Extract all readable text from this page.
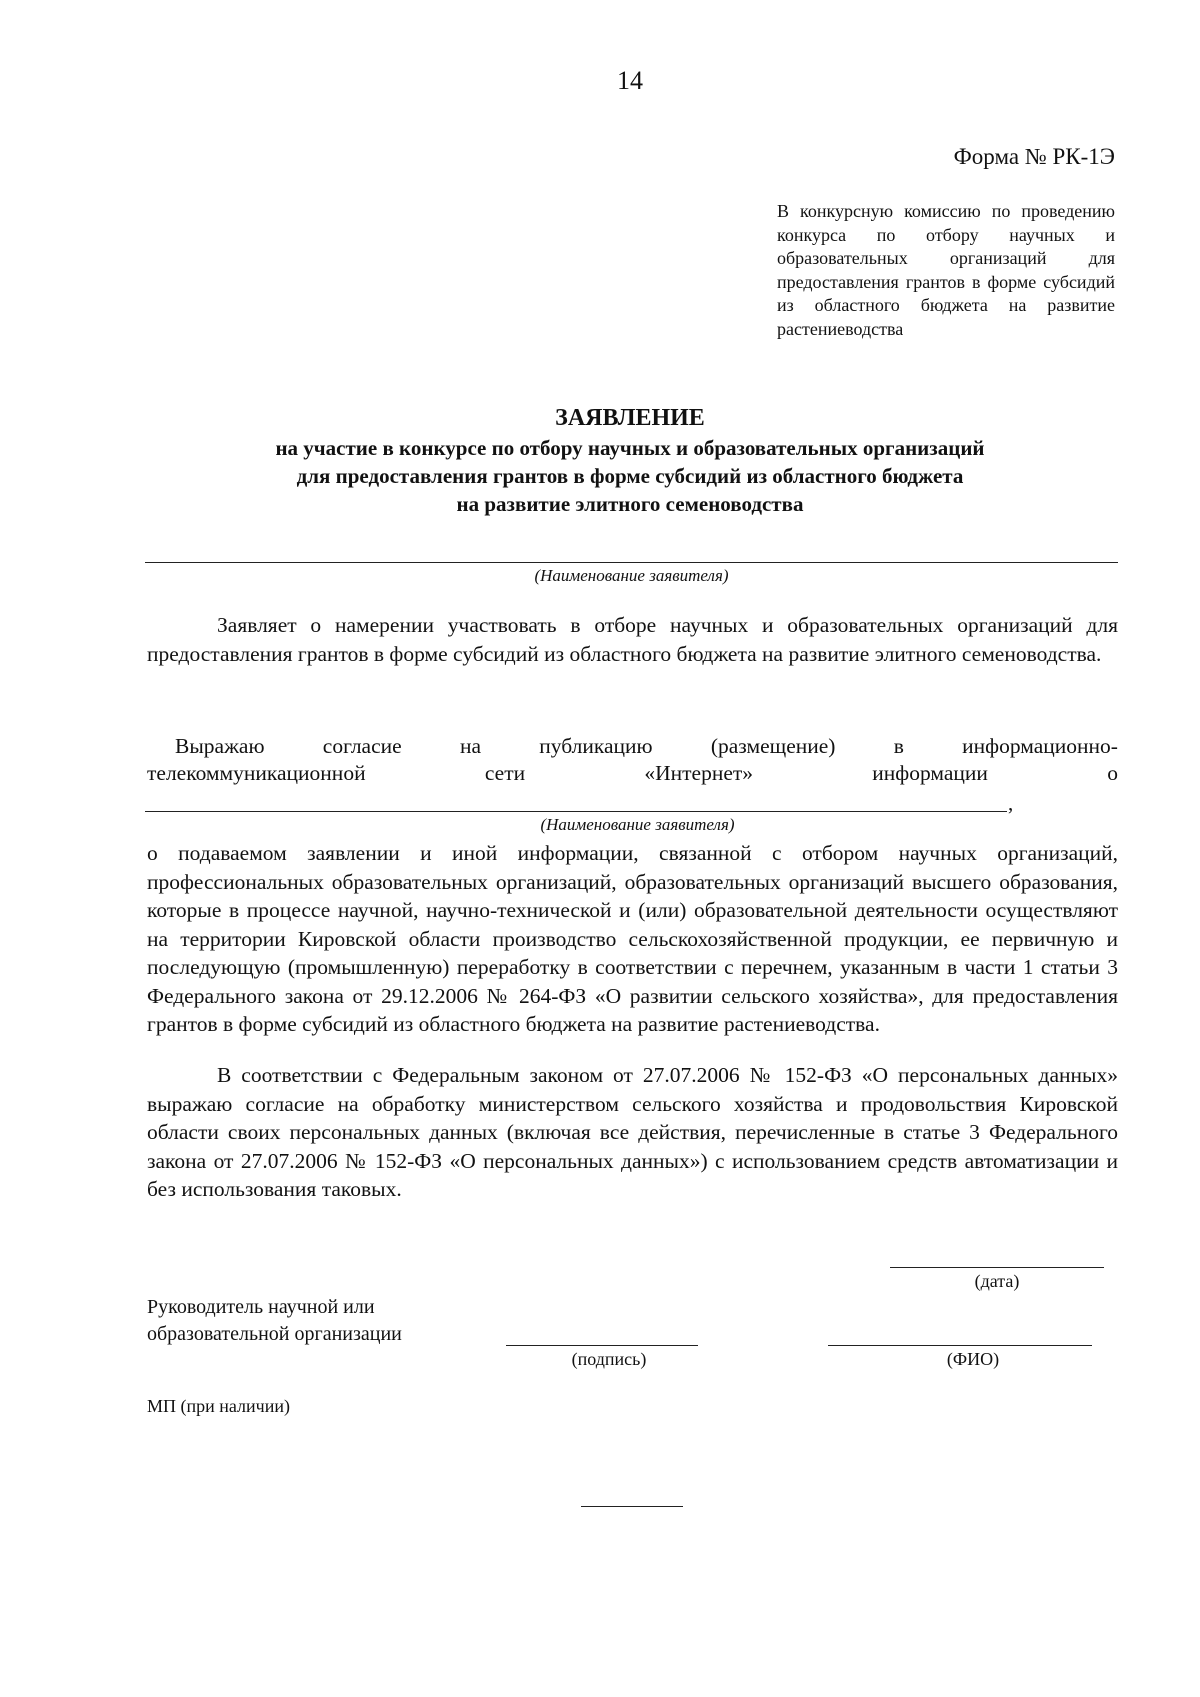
14
Форма № РК-1Э
В конкурсную комиссию по проведению конкурса по отбору научных и образовательных организаций для предоставления грантов в форме субсидий из областного бюджета на развитие растениеводства
ЗАЯВЛЕНИЕ
на участие в конкурсе по отбору научных и образовательных организаций
для предоставления грантов в форме субсидий из областного бюджета
на развитие элитного семеноводства
(Наименование заявителя)
Заявляет о намерении участвовать в отборе научных и образовательных организаций для предоставления грантов в форме субсидий из областного бюджета на развитие элитного семеноводства.
Выражаю	согласие	на	публикацию	(размещение)	в	информационно-
телекоммуникационной	сети	«Интернет»	информации	о
,
(Наименование заявителя)
о подаваемом заявлении и иной информации, связанной с отбором научных организаций, профессиональных образовательных организаций, образовательных организаций высшего образования, которые в процессе научной, научно-технической и (или) образовательной деятельности осуществляют на территории Кировской области производство сельскохозяйственной продукции, ее первичную и последующую (промышленную) переработку в соответствии с перечнем, указанным в части 1 статьи 3 Федерального закона от 29.12.2006 № 264-ФЗ «О развитии сельского хозяйства», для предоставления грантов в форме субсидий из областного бюджета на развитие растениеводства.
В соответствии с Федеральным законом от 27.07.2006 № 152-ФЗ «О персональных данных» выражаю согласие на обработку министерством сельского хозяйства и продовольствия Кировской области своих персональных данных (включая все действия, перечисленные в статье 3 Федерального закона от 27.07.2006 № 152-ФЗ «О персональных данных») с использованием средств автоматизации и без использования таковых.
(дата)
Руководитель научной или
образовательной организации
(подпись)	(ФИО)
МП (при наличии)
